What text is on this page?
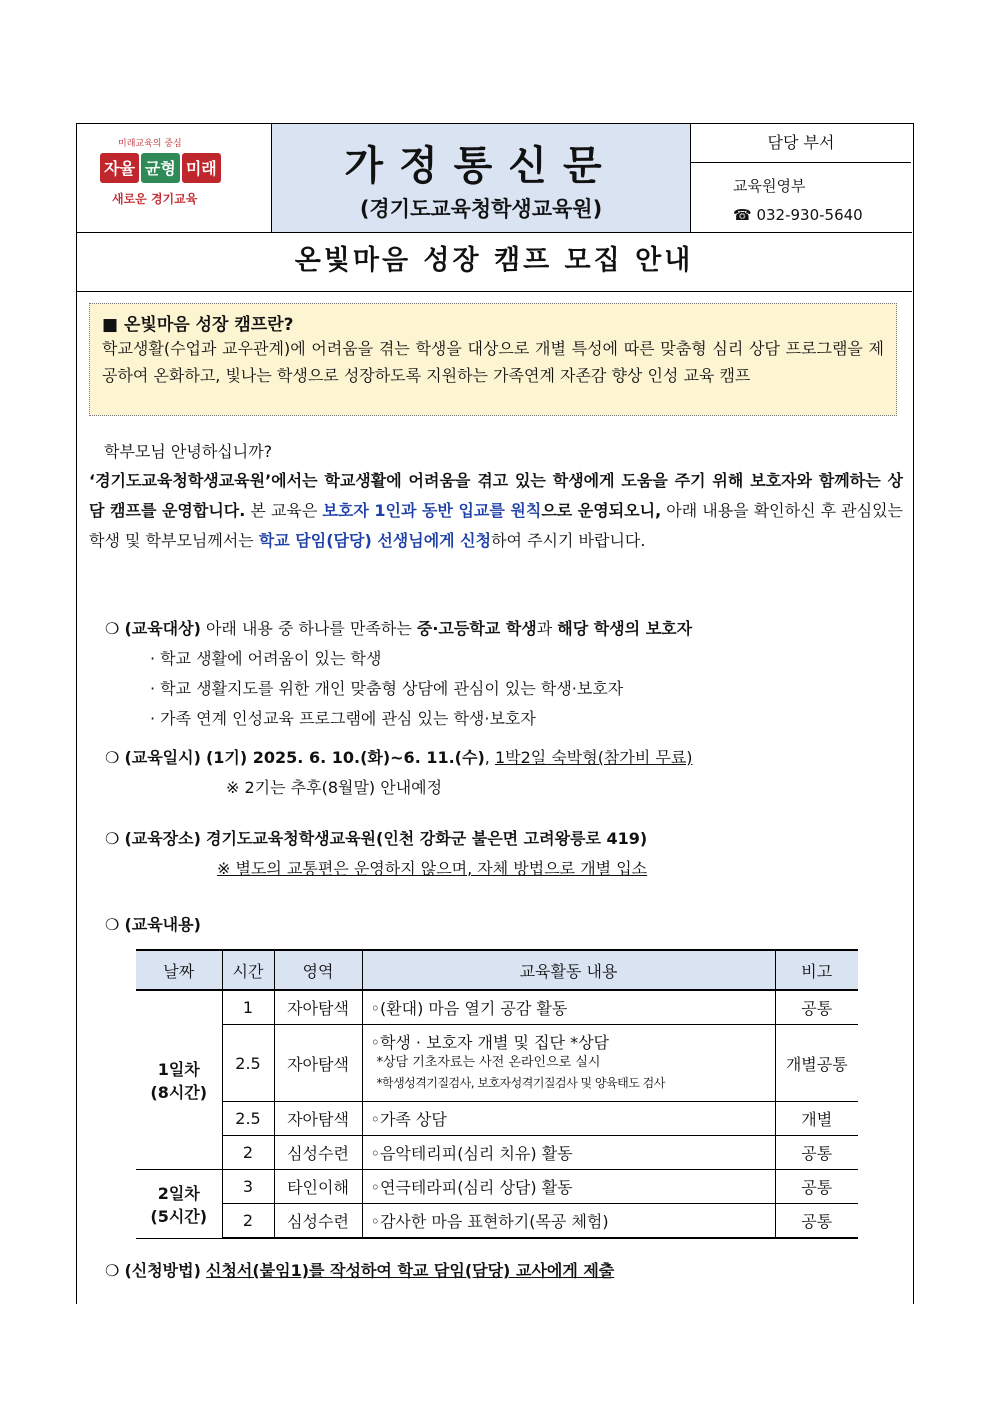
미래교육의 중심
자율 균형 미래
새로운 경기교육
가정통신문
(경기도교육청학생교육원)
담당 부서
교육원영부
☎ 032-930-5640
온빛마음 성장 캠프 모집 안내
■ 온빛마음 성장 캠프란?
학교생활(수업과 교우관계)에 어려움을 겪는 학생을 대상으로 개별 특성에 따른 맞춤형 심리 상담 프로그램을 제공하여 온화하고, 빛나는 학생으로 성장하도록 지원하는 가족연계 자존감 향상 인성 교육 캠프
학부모님 안녕하십니까?
‘경기도교육청학생교육원’에서는 학교생활에 어려움을 겪고 있는 학생에게 도움을 주기 위해 보호자와 함께하는 상담 캠프를 운영합니다. 본 교육은 보호자 1인과 동반 입교를 원칙으로 운영되오니, 아래 내용을 확인하신 후 관심있는 학생 및 학부모님께서는 학교 담임(담당) 선생님에게 신청하여 주시기 바랍니다.
❍ (교육대상) 아래 내용 중 하나를 만족하는 중·고등학교 학생과 해당 학생의 보호자
· 학교 생활에 어려움이 있는 학생
· 학교 생활지도를 위한 개인 맞춤형 상담에 관심이 있는 학생·보호자
· 가족 연계 인성교육 프로그램에 관심 있는 학생·보호자
❍ (교육일시) (1기) 2025. 6. 10.(화)~6. 11.(수), 1박2일 숙박형(참가비 무료)
※ 2기는 추후(8월말) 안내예정
❍ (교육장소) 경기도교육청학생교육원(인천 강화군 불은면 고려왕릉로 419)
※ 별도의 교통편은 운영하지 않으며, 자체 방법으로 개별 입소
❍ (교육내용)
날짜	시간	영역	교육활동 내용	비고
1일차
(8시간)	1	자아탐색	◦(환대) 마음 열기 공감 활동	공통
	2.5	자아탐색	◦학생 · 보호자 개별 및 집단 *상담
*상담 기초자료는 사전 온라인으로 실시
*학생성격기질검사, 보호자성격기질검사 및 양육태도 검사	개별공통
	2.5	자아탐색	◦가족 상담	개별
	2	심성수련	◦음악테리피(심리 치유) 활동	공통
2일차
(5시간)	3	타인이해	◦연극테라피(심리 상담) 활동	공통
	2	심성수련	◦감사한 마음 표현하기(목공 체험)	공통
❍ (신청방법) 신청서(붙임1)를 작성하여 학교 담임(담당) 교사에게 제출
